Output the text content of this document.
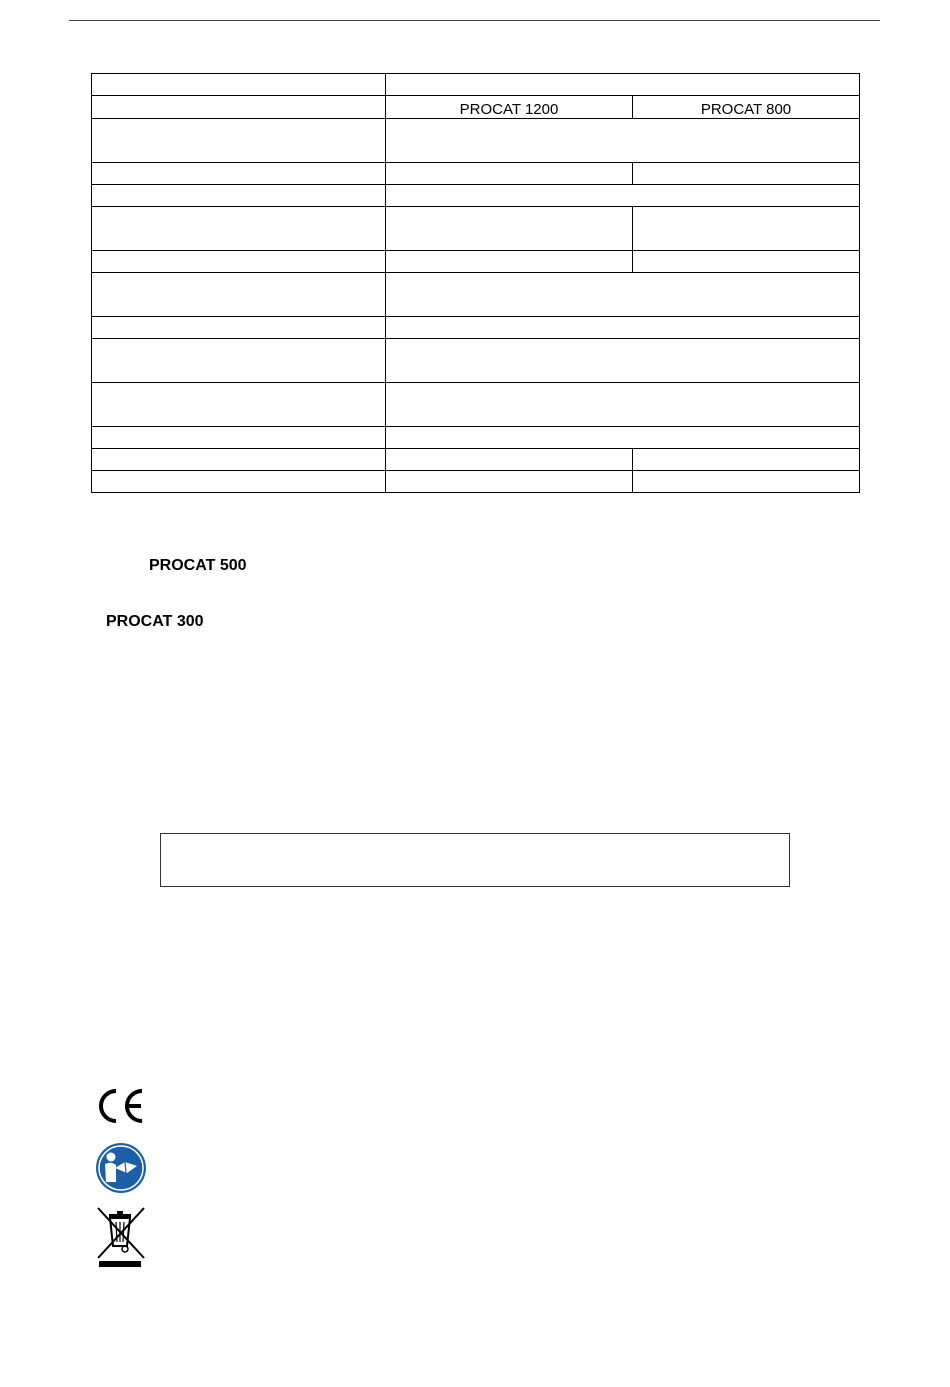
	PROCAT 1200	PROCAT 800

PROCAT 500
PROCAT 300
